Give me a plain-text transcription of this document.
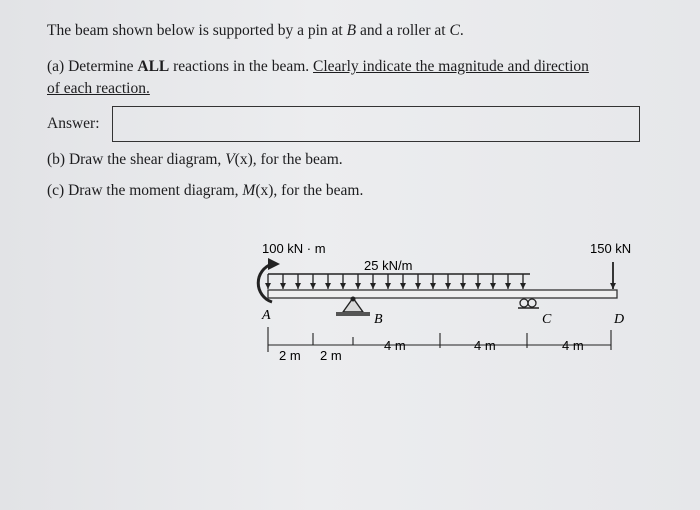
The beam shown below is supported by a pin at B and a roller at C.
(a) Determine ALL reactions in the beam. Clearly indicate the magnitude and direction
of each reaction.
Answer:
(b) Draw the shear diagram, V(x), for the beam.
(c) Draw the moment diagram, M(x), for the beam.
100 kN · m
25 kN/m
150 kN
A	B	C	D
2 m 2 m
4 m	4 m	4 m
